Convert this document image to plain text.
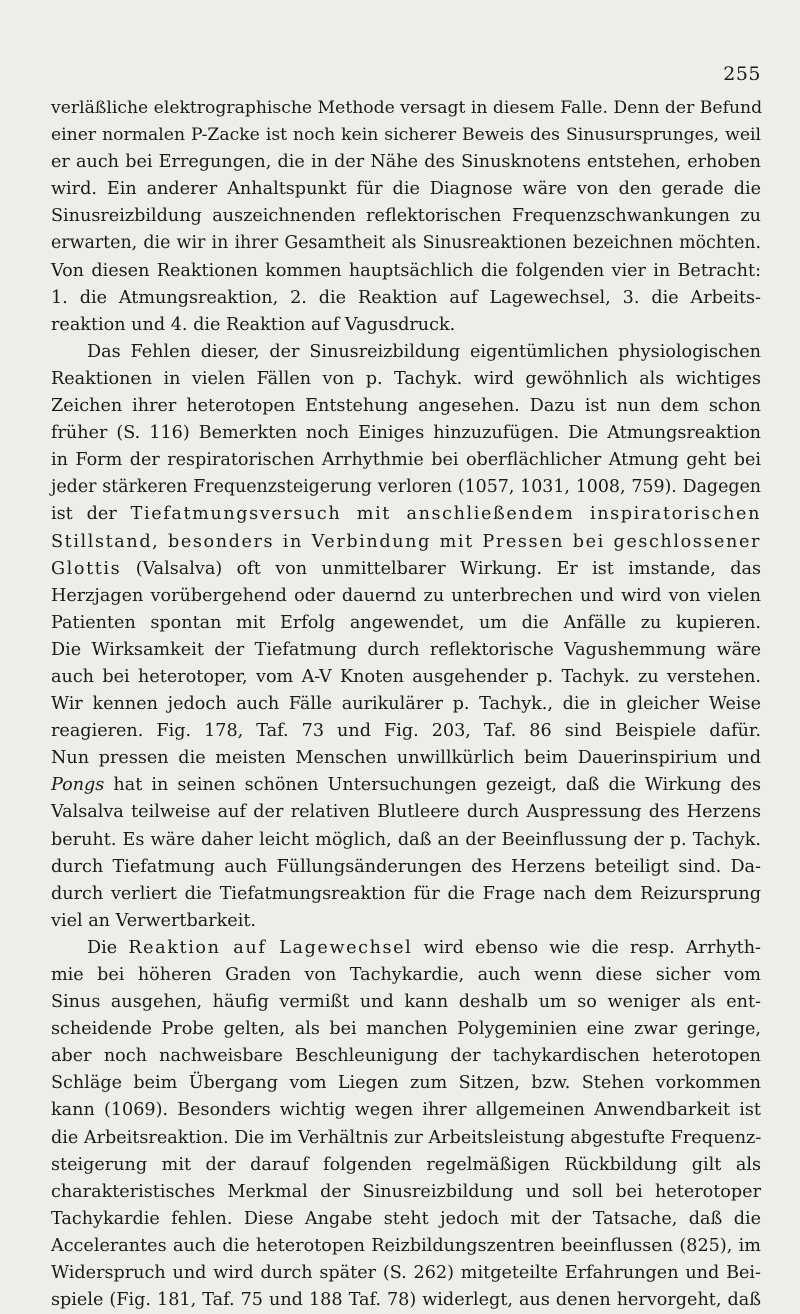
255
verläßliche elektrographische Methode versagt in diesem Falle. Denn der Befund
einer normalen P-Zacke ist noch kein sicherer Beweis des Sinusursprunges, weil
er auch bei Erregungen, die in der Nähe des Sinusknotens entstehen, erhoben
wird. Ein anderer Anhaltspunkt für die Diagnose wäre von den gerade die
Sinusreizbildung auszeichnenden reflektorischen Frequenzschwankungen zu
erwarten, die wir in ihrer Gesamtheit als Sinusreaktionen bezeichnen möchten.
Von diesen Reaktionen kommen hauptsächlich die folgenden vier in Betracht:
1. die Atmungsreaktion, 2. die Reaktion auf Lagewechsel, 3. die Arbeits-
reaktion und 4. die Reaktion auf Vagusdruck.
Das Fehlen dieser, der Sinusreizbildung eigentümlichen physiologischen
Reaktionen in vielen Fällen von p. Tachyk. wird gewöhnlich als wichtiges
Zeichen ihrer heterotopen Entstehung angesehen. Dazu ist nun dem schon
früher (S. 116) Bemerkten noch Einiges hinzuzufügen. Die Atmungsreaktion
in Form der respiratorischen Arrhythmie bei oberflächlicher Atmung geht bei
jeder stärkeren Frequenzsteigerung verloren (1057, 1031, 1008, 759). Dagegen
ist der Tiefatmungsversuch mit anschließendem inspiratorischen
Stillstand, besonders in Verbindung mit Pressen bei geschlossener
Glottis (Valsalva) oft von unmittelbarer Wirkung. Er ist imstande, das
Herzjagen vorübergehend oder dauernd zu unterbrechen und wird von vielen
Patienten spontan mit Erfolg angewendet, um die Anfälle zu kupieren.
Die Wirksamkeit der Tiefatmung durch reflektorische Vagushemmung wäre
auch bei heterotoper, vom A-V Knoten ausgehender p. Tachyk. zu verstehen.
Wir kennen jedoch auch Fälle aurikulärer p. Tachyk., die in gleicher Weise
reagieren. Fig. 178, Taf. 73 und Fig. 203, Taf. 86 sind Beispiele dafür.
Nun pressen die meisten Menschen unwillkürlich beim Dauerinspirium und
Pongs hat in seinen schönen Untersuchungen gezeigt, daß die Wirkung des
Valsalva teilweise auf der relativen Blutleere durch Auspressung des Herzens
beruht. Es wäre daher leicht möglich, daß an der Beeinflussung der p. Tachyk.
durch Tiefatmung auch Füllungsänderungen des Herzens beteiligt sind. Da-
durch verliert die Tiefatmungsreaktion für die Frage nach dem Reizursprung
viel an Verwertbarkeit.
Die Reaktion auf Lagewechsel wird ebenso wie die resp. Arrhyth-
mie bei höheren Graden von Tachykardie, auch wenn diese sicher vom
Sinus ausgehen, häufig vermißt und kann deshalb um so weniger als ent-
scheidende Probe gelten, als bei manchen Polygeminien eine zwar geringe,
aber noch nachweisbare Beschleunigung der tachykardischen heterotopen
Schläge beim Übergang vom Liegen zum Sitzen, bzw. Stehen vorkommen
kann (1069). Besonders wichtig wegen ihrer allgemeinen Anwendbarkeit ist
die Arbeitsreaktion. Die im Verhältnis zur Arbeitsleistung abgestufte Frequenz-
steigerung mit der darauf folgenden regelmäßigen Rückbildung gilt als
charakteristisches Merkmal der Sinusreizbildung und soll bei heterotoper
Tachykardie fehlen. Diese Angabe steht jedoch mit der Tatsache, daß die
Accelerantes auch die heterotopen Reizbildungszentren beeinflussen (825), im
Widerspruch und wird durch später (S. 262) mitgeteilte Erfahrungen und Bei-
spiele (Fig. 181, Taf. 75 und 188 Taf. 78) widerlegt, aus denen hervorgeht, daß
